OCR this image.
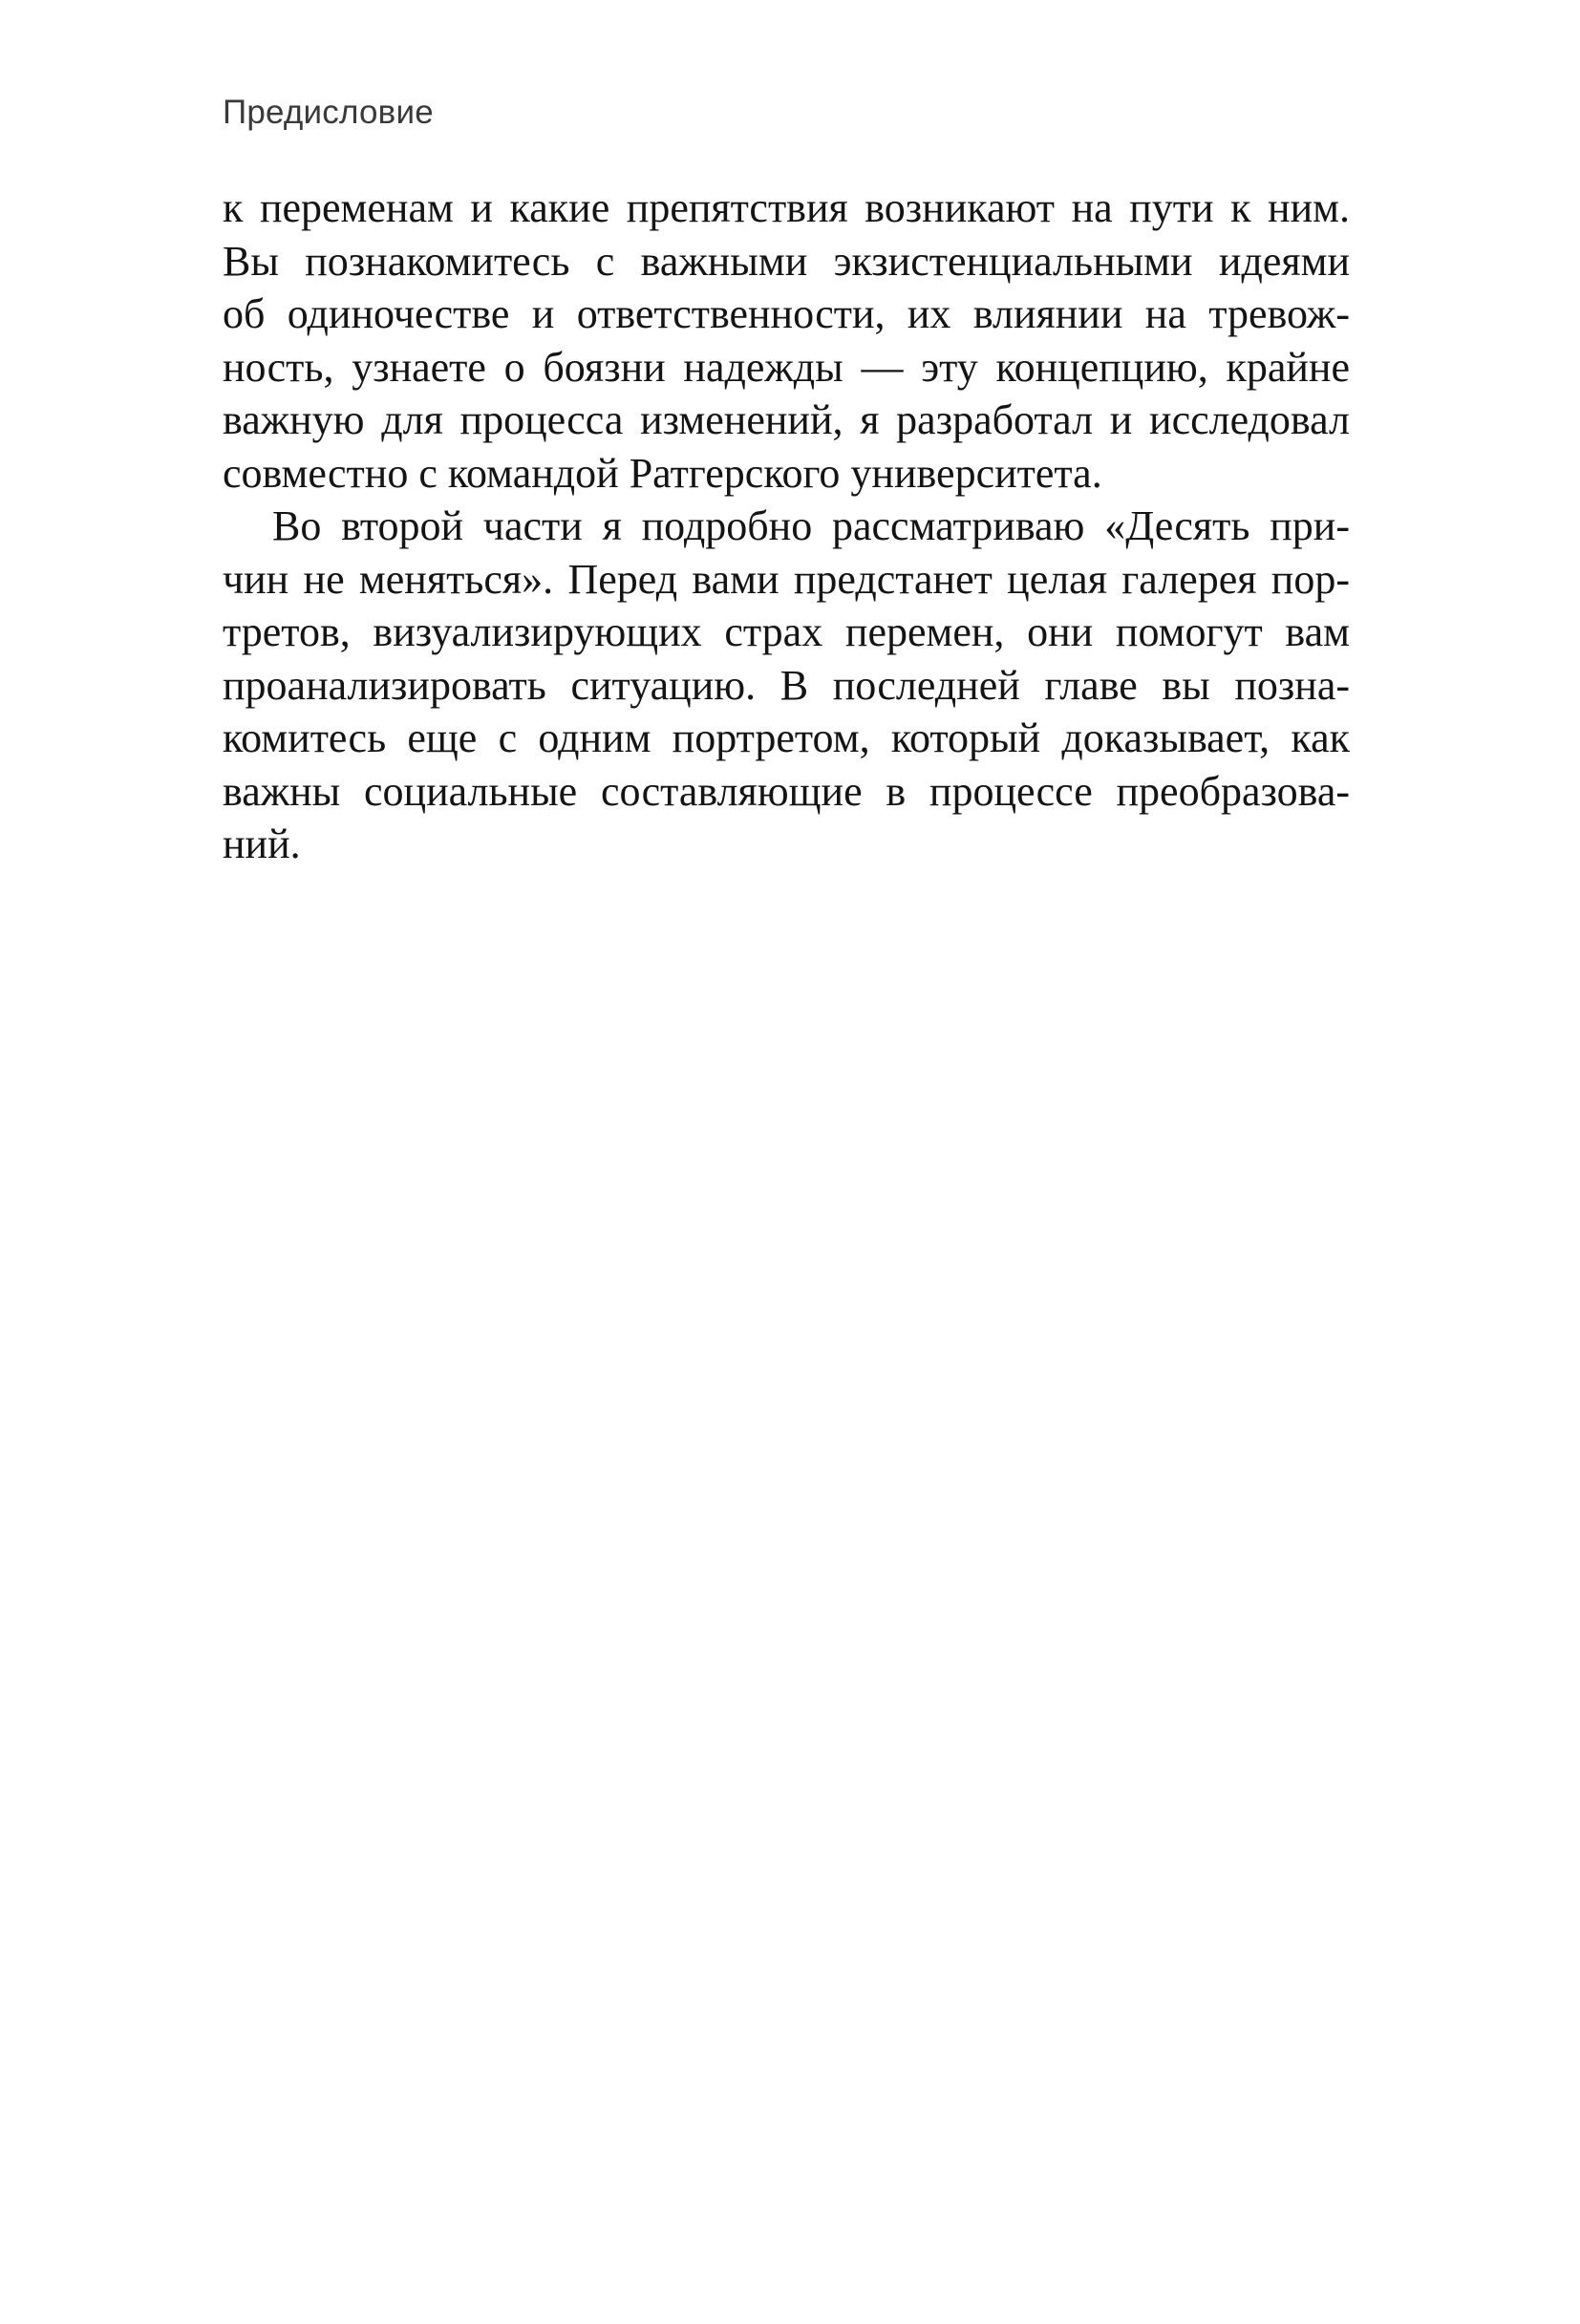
Предисловие
к переменам и какие препятствия возникают на пути к ним.
Вы познакомитесь с важными экзистенциальными идеями
об одиночестве и ответственности, их влиянии на тревож-
ность, узнаете о боязни надежды — эту концепцию, крайне
важную для процесса изменений, я разработал и исследовал
совместно с командой Ратгерского университета.
Во второй части я подробно рассматриваю «Десять при-
чин не меняться». Перед вами предстанет целая галерея пор-
третов, визуализирующих страх перемен, они помогут вам
проанализировать ситуацию. В последней главе вы позна-
комитесь еще с одним портретом, который доказывает, как
важны социальные составляющие в процессе преобразова-
ний.
